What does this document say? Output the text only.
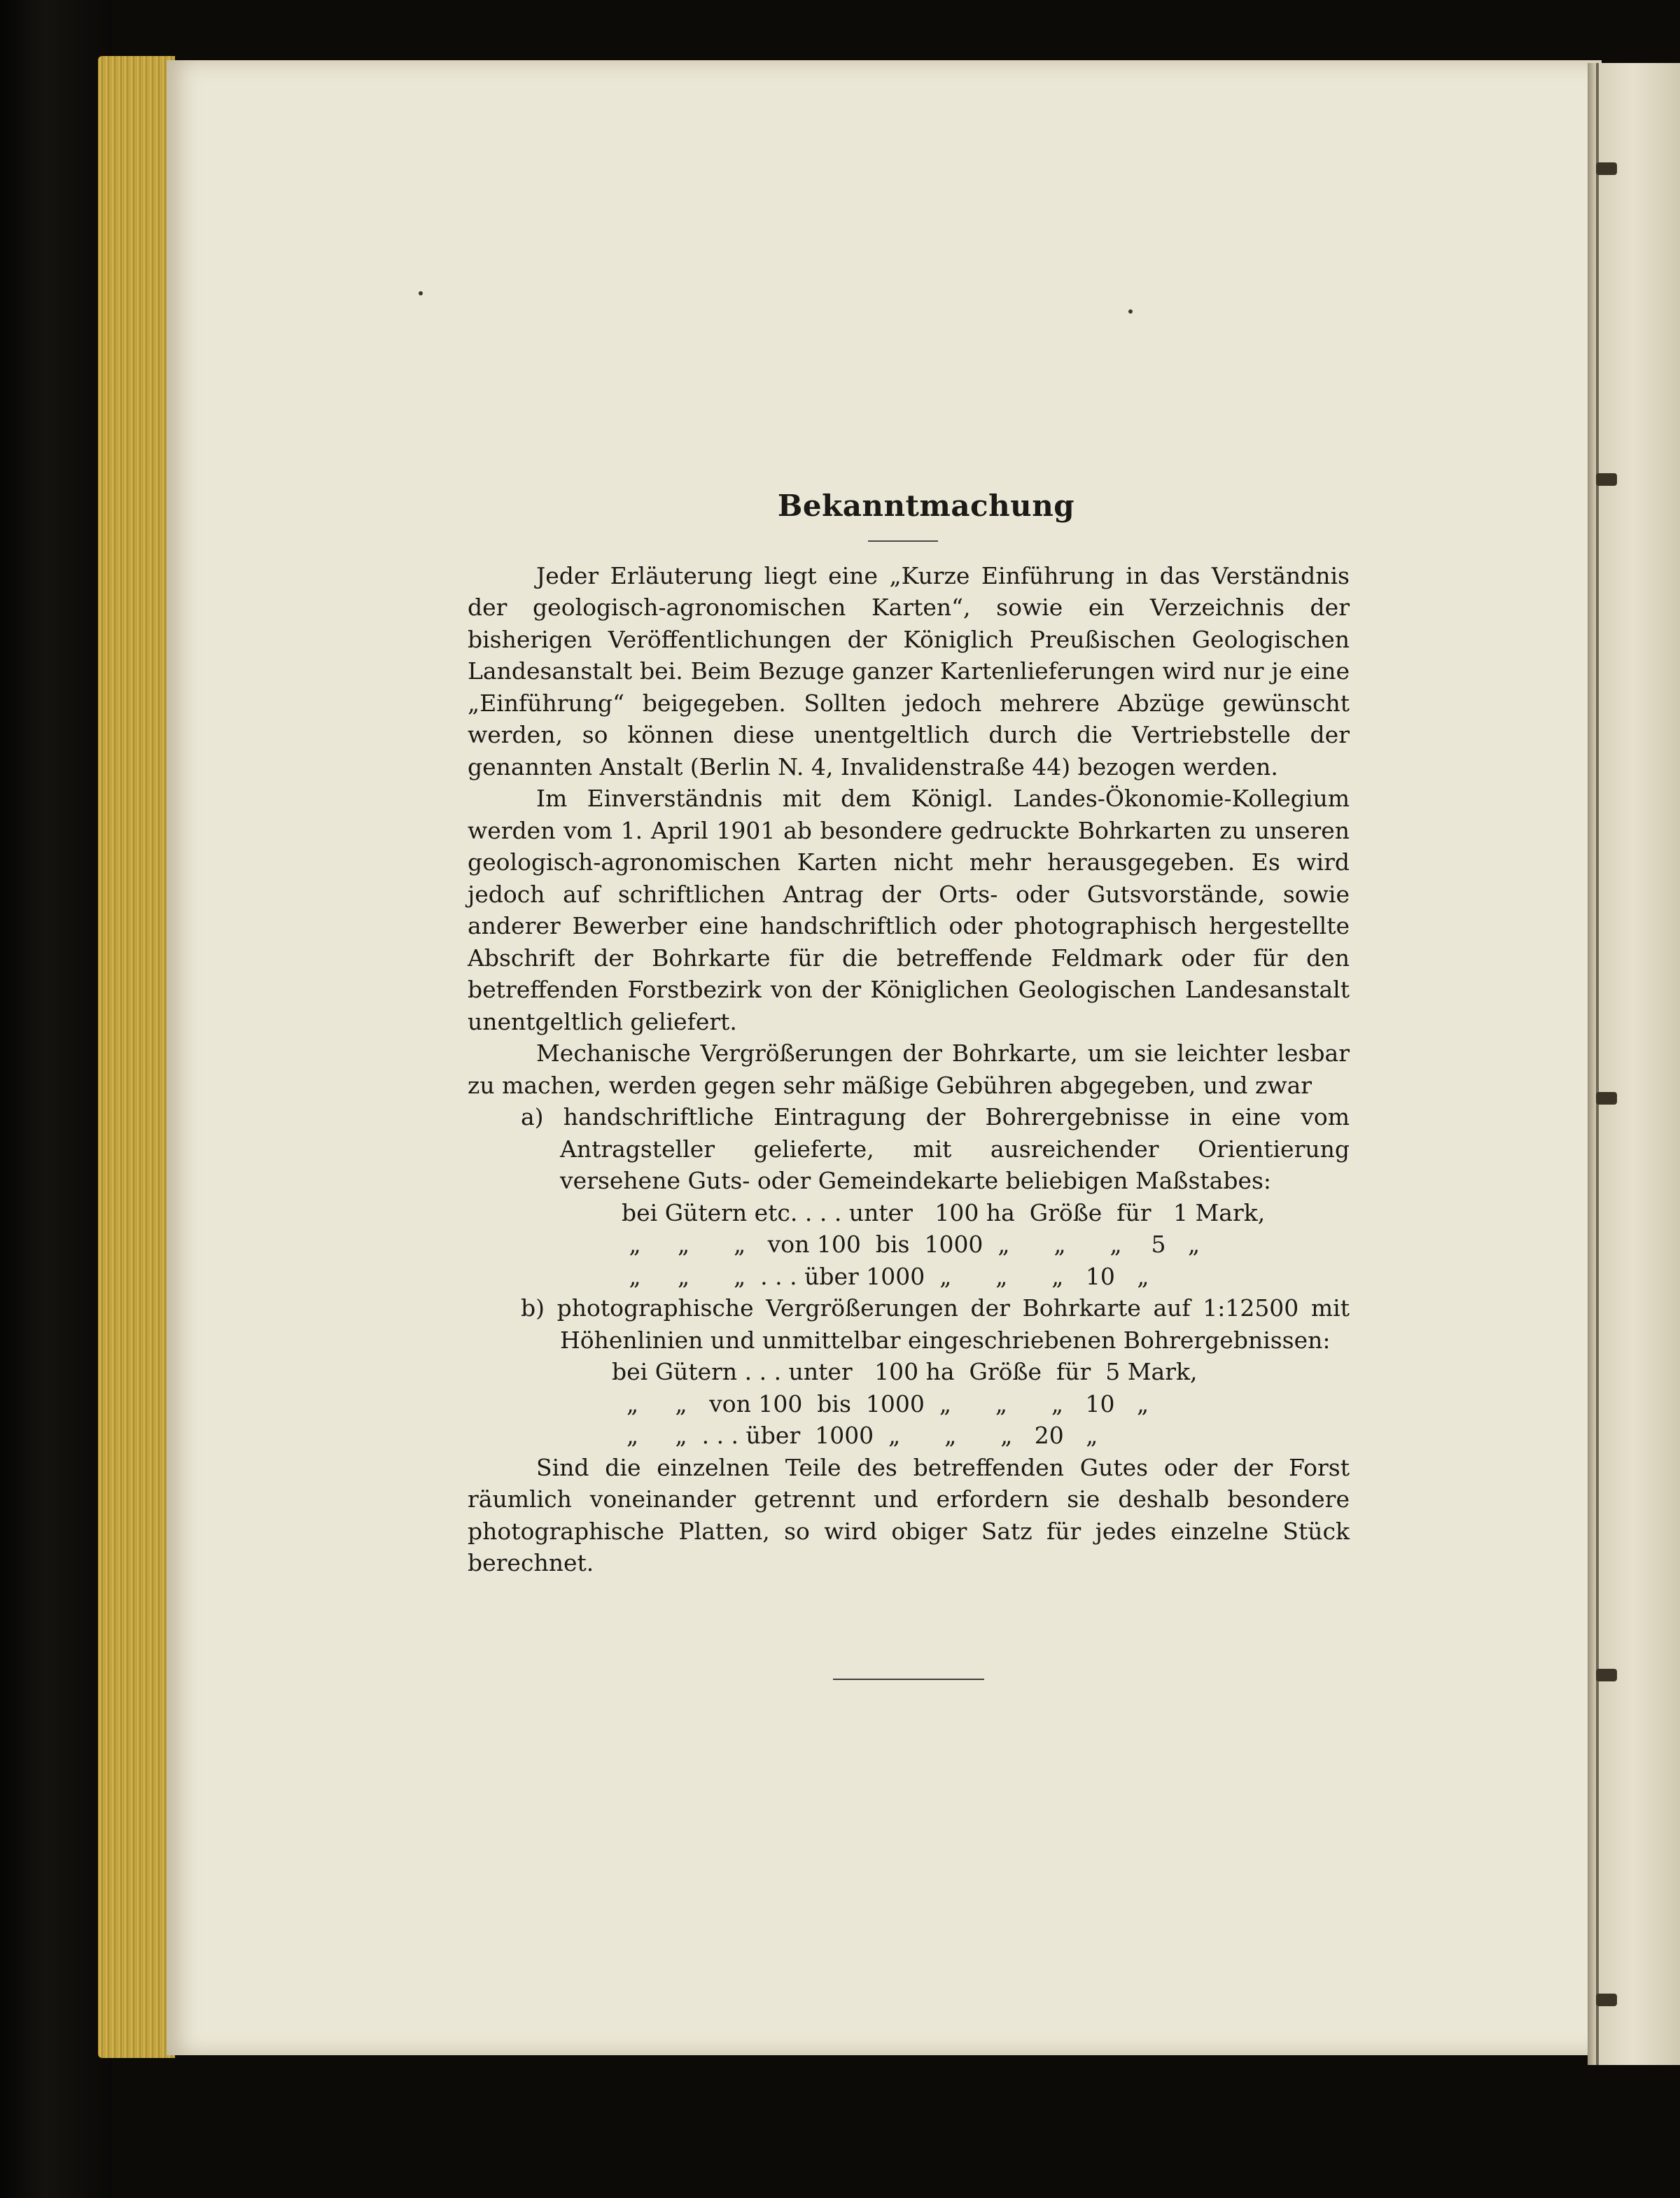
Bekanntmachung

Jeder Erläuterung liegt eine „Kurze Einführung in das Verständnis der geologisch-agronomischen Karten“, sowie ein Verzeichnis der bisherigen Veröffentlichungen der Königlich Preußischen Geologischen Landesanstalt bei. Beim Bezuge ganzer Kartenlieferungen wird nur je eine „Einführung“ beigegeben. Sollten jedoch mehrere Abzüge gewünscht werden, so können diese unentgeltlich durch die Vertriebstelle der genannten Anstalt (Berlin N. 4, Invalidenstraße 44) bezogen werden.

Im Einverständnis mit dem Königl. Landes-Ökonomie-Kollegium werden vom 1. April 1901 ab besondere gedruckte Bohrkarten zu unseren geologisch-agronomischen Karten nicht mehr herausgegeben. Es wird jedoch auf schriftlichen Antrag der Orts- oder Gutsvorstände, sowie anderer Bewerber eine handschriftlich oder photographisch hergestellte Abschrift der Bohrkarte für die betreffende Feldmark oder für den betreffenden Forstbezirk von der Königlichen Geologischen Landesanstalt unentgeltlich geliefert.

Mechanische Vergrößerungen der Bohrkarte, um sie leichter lesbar zu machen, werden gegen sehr mäßige Gebühren abgegeben, und zwar

a) handschriftliche Eintragung der Bohrergebnisse in eine vom Antragsteller gelieferte, mit ausreichender Orientierung versehene Guts- oder Gemeindekarte beliebigen Maßstabes:
bei Gütern etc. . . . unter   100 ha  Größe  für   1 Mark,
„     „      „   von 100  bis  1000  „      „      „    5   „
„     „      „  . . . über 1000  „      „      „   10   „
b) photographische Vergrößerungen der Bohrkarte auf 1:12500 mit Höhenlinien und unmittelbar eingeschriebenen Bohrergebnissen:
bei Gütern . . . unter   100 ha  Größe  für  5 Mark,
„     „   von 100  bis  1000  „      „      „   10   „
„     „  . . . über  1000  „      „      „   20   „

Sind die einzelnen Teile des betreffenden Gutes oder der Forst räumlich voneinander getrennt und erfordern sie deshalb besondere photographische Platten, so wird obiger Satz für jedes einzelne Stück berechnet.
